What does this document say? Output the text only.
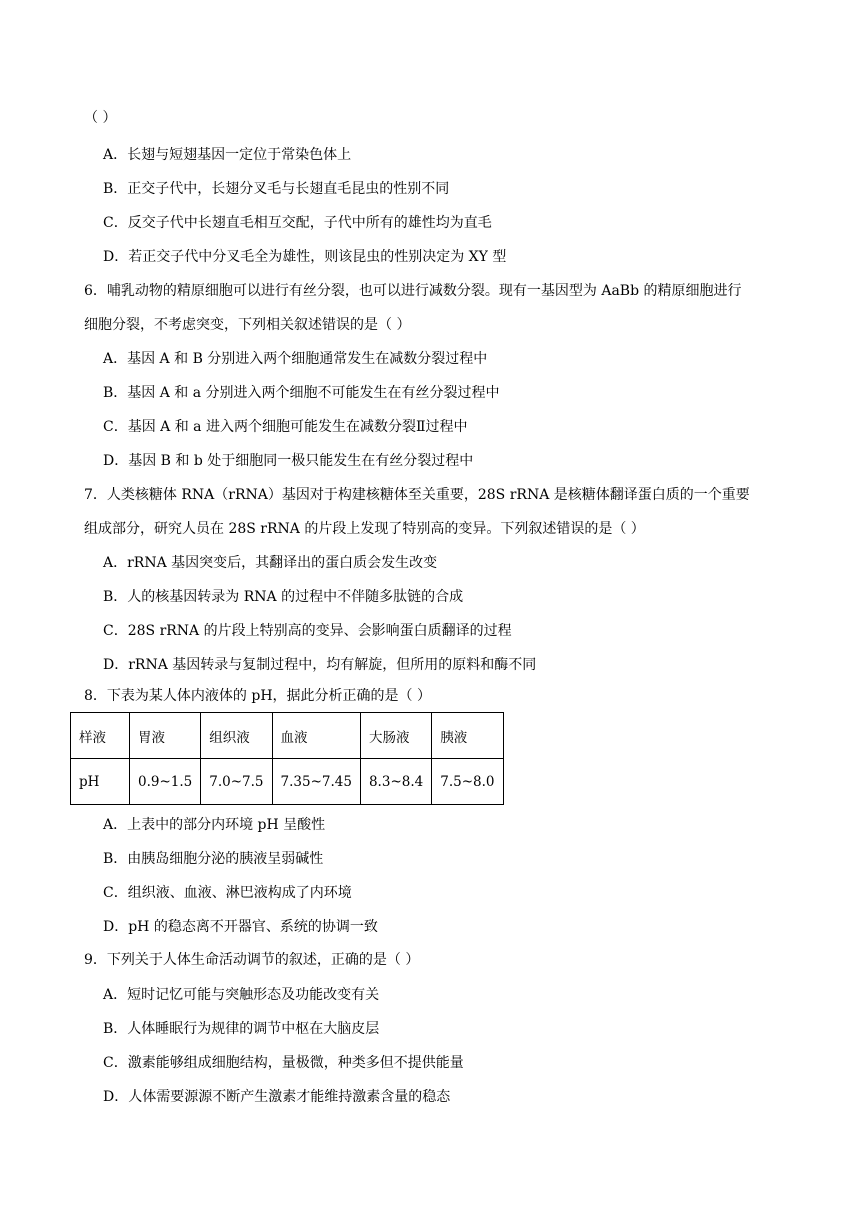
（ ）
A．长翅与短翅基因一定位于常染色体上
B．正交子代中，长翅分叉毛与长翅直毛昆虫的性别不同
C．反交子代中长翅直毛相互交配，子代中所有的雄性均为直毛
D．若正交子代中分叉毛全为雄性，则该昆虫的性别决定为 XY 型
6．哺乳动物的精原细胞可以进行有丝分裂，也可以进行减数分裂。现有一基因型为 AaBb 的精原细胞进行
细胞分裂，不考虑突变，下列相关叙述错误的是（ ）
A．基因 A 和 B 分别进入两个细胞通常发生在减数分裂过程中
B．基因 A 和 a 分别进入两个细胞不可能发生在有丝分裂过程中
C．基因 A 和 a 进入两个细胞可能发生在减数分裂Ⅱ过程中
D．基因 B 和 b 处于细胞同一极只能发生在有丝分裂过程中
7．人类核糖体 RNA（rRNA）基因对于构建核糖体至关重要，28S rRNA 是核糖体翻译蛋白质的一个重要
组成部分，研究人员在 28S rRNA 的片段上发现了特别高的变异。下列叙述错误的是（ ）
A．rRNA 基因突变后，其翻译出的蛋白质会发生改变
B．人的核基因转录为 RNA 的过程中不伴随多肽链的合成
C．28S rRNA 的片段上特别高的变异、会影响蛋白质翻译的过程
D．rRNA 基因转录与复制过程中，均有解旋，但所用的原料和酶不同
8．下表为某人体内液体的 pH，据此分析正确的是（ ）
A．上表中的部分内环境 pH 呈酸性
B．由胰岛细胞分泌的胰液呈弱碱性
C．组织液、血液、淋巴液构成了内环境
D．pH 的稳态离不开器官、系统的协调一致
9．下列关于人体生命活动调节的叙述，正确的是（ ）
A．短时记忆可能与突触形态及功能改变有关
B．人体睡眠行为规律的调节中枢在大脑皮层
C．激素能够组成细胞结构，量极微，种类多但不提供能量
D．人体需要源源不断产生激素才能维持激素含量的稳态
样液	胃液	组织液	血液	大肠液	胰液
pH	0.9~1.5	7.0~7.5	7.35~7.45	8.3~8.4	7.5~8.0
